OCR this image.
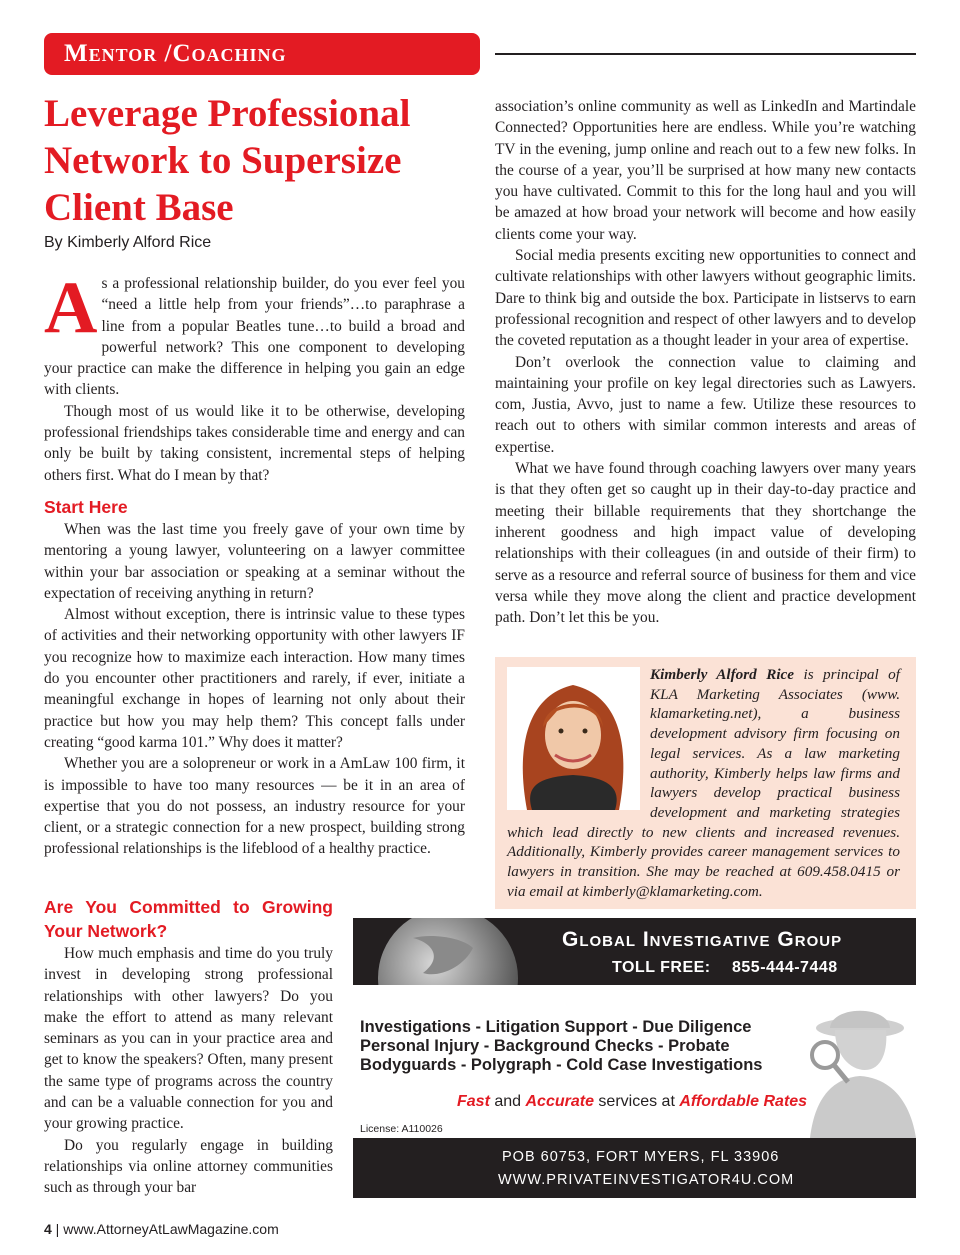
Mentor /Coaching
Leverage Professional Network to Supersize Client Base
By Kimberly Alford Rice

As a professional relationship builder, do you ever feel you “need a little help from your friends”…to paraphrase a line from a popular Beatles tune…to build a broad and powerful network? This one component to developing your practice can make the difference in helping you gain an edge with clients.

Though most of us would like it to be otherwise, developing professional friendships takes considerable time and energy and can only be built by taking consistent, incremental steps of helping others first. What do I mean by that?

Start Here

When was the last time you freely gave of your own time by mentoring a young lawyer, volunteering on a lawyer committee within your bar association or speaking at a seminar without the expectation of receiving anything in return?

Almost without exception, there is intrinsic value to these types of activities and their networking opportunity with other lawyers IF you recognize how to maximize each interaction. How many times do you encounter other practitioners and rarely, if ever, initiate a meaningful exchange in hopes of learning not only about their practice but how you may help them? This concept falls under creating “good karma 101.” Why does it matter?

Whether you are a solopreneur or work in a AmLaw 100 firm, it is impossible to have too many resources — be it in an area of expertise that you do not possess, an industry resource for your client, or a strategic connection for a new prospect, building strong professional relationships is the lifeblood of a healthy practice.

Are You Committed to Growing Your Network?

How much emphasis and time do you truly invest in developing strong professional relationships with other lawyers? Do you make the effort to attend as many relevant seminars as you can in your practice area and get to know the speakers? Often, many present the same type of programs across the country and can be a valuable connection for you and your growing practice.

Do you regularly engage in building relationships via online attorney communities such as through your bar

association’s online community as well as LinkedIn and Martindale Connected? Opportunities here are endless. While you’re watching TV in the evening, jump online and reach out to a few new folks. In the course of a year, you’ll be surprised at how many new contacts you have cultivated. Commit to this for the long haul and you will be amazed at how broad your network will become and how easily clients come your way.

Social media presents exciting new opportunities to connect and cultivate relationships with other lawyers without geographic limits. Dare to think big and outside the box. Participate in listservs to earn professional recognition and respect of other lawyers and to develop the coveted reputation as a thought leader in your area of expertise.

Don’t overlook the connection value to claiming and maintaining your profile on key legal directories such as Lawyers. com, Justia, Avvo, just to name a few. Utilize these resources to reach out to others with similar common interests and areas of expertise.

What we have found through coaching lawyers over many years is that they often get so caught up in their day-to-day practice and meeting their billable requirements that they shortchange the inherent goodness and high impact value of developing relationships with their colleagues (in and outside of their firm) to serve as a resource and referral source of business for them and vice versa while they move along the client and practice development path. Don’t let this be you.

Kimberly Alford Rice is principal of KLA Marketing Associates (www. klamarketing.net), a business development advisory firm focusing on legal services. As a law marketing authority, Kimberly helps law firms and lawyers develop practical business development and marketing strategies which lead directly to new clients and increased revenues. Additionally, Kimberly provides career management services to lawyers in transition. She may be reached at 609.458.0415 or via email at kimberly@klamarketing.com.
Global Investigative Group
TOLL FREE: 855-444-7448
Investigations - Litigation Support - Due Diligence
Personal Injury - Background Checks - Probate
Bodyguards - Polygraph - Cold Case Investigations
Fast and Accurate services at Affordable Rates
License: A110026
POB 60753, FORT MYERS, FL 33906
WWW.PRIVATEINVESTIGATOR4U.COM
4 | www.AttorneyAtLawMagazine.com
